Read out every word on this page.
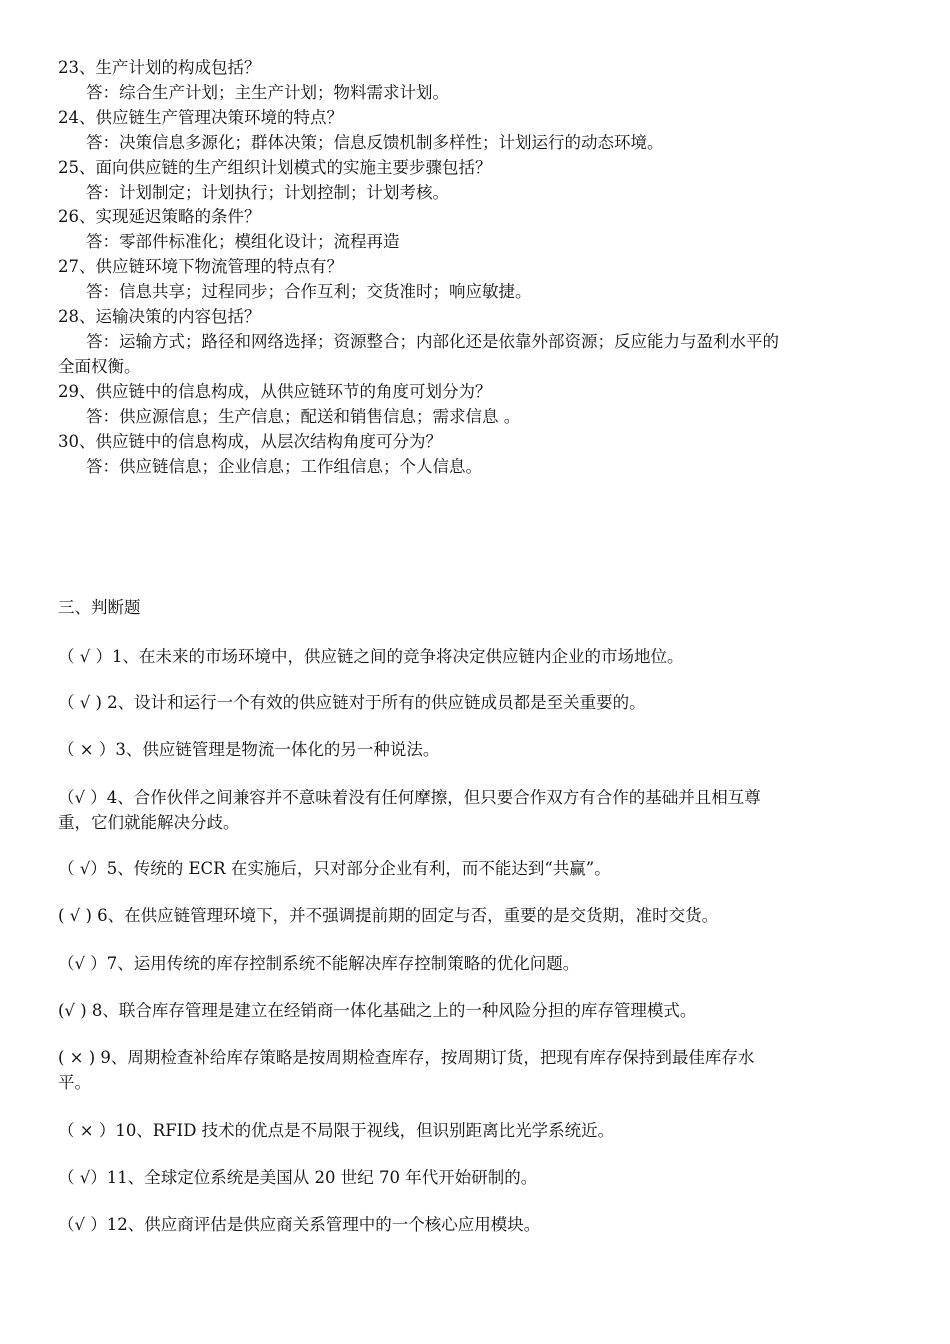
23、生产计划的构成包括？
答：综合生产计划；主生产计划；物料需求计划。
24、供应链生产管理决策环境的特点？
答：决策信息多源化；群体决策；信息反馈机制多样性；计划运行的动态环境。
25、面向供应链的生产组织计划模式的实施主要步骤包括？
答：计划制定；计划执行；计划控制；计划考核。
26、实现延迟策略的条件？
答：零部件标准化；模组化设计；流程再造
27、供应链环境下物流管理的特点有？
答：信息共享；过程同步；合作互利；交货准时；响应敏捷。
28、运输决策的内容包括？
答：运输方式；路径和网络选择；资源整合；内部化还是依靠外部资源；反应能力与盈利水平的
全面权衡。
29、供应链中的信息构成，从供应链环节的角度可划分为？
答：供应源信息；生产信息；配送和销售信息；需求信息 。
30、供应链中的信息构成，从层次结构角度可分为？
答：供应链信息；企业信息；工作组信息；个人信息。
三、判断题
（ √ ）1、在未来的市场环境中，供应链之间的竞争将决定供应链内企业的市场地位。
（ √ ) 2、设计和运行一个有效的供应链对于所有的供应链成员都是至关重要的。
（ × ）3、供应链管理是物流一体化的另一种说法。
（√ ）4、合作伙伴之间兼容并不意味着没有任何摩擦，但只要合作双方有合作的基础并且相互尊
重，它们就能解决分歧。
（ √）5、传统的 ECR 在实施后，只对部分企业有利，而不能达到“共赢”。
( √ ) 6、在供应链管理环境下，并不强调提前期的固定与否，重要的是交货期，准时交货。
（√ ）7、运用传统的库存控制系统不能解决库存控制策略的优化问题。
(√ ) 8、联合库存管理是建立在经销商一体化基础之上的一种风险分担的库存管理模式。
( × ) 9、周期检查补给库存策略是按周期检查库存，按周期订货，把现有库存保持到最佳库存水
平。
（ × ）10、RFID 技术的优点是不局限于视线，但识别距离比光学系统近。
（ √）11、全球定位系统是美国从 20 世纪 70 年代开始研制的。
（√ ）12、供应商评估是供应商关系管理中的一个核心应用模块。
